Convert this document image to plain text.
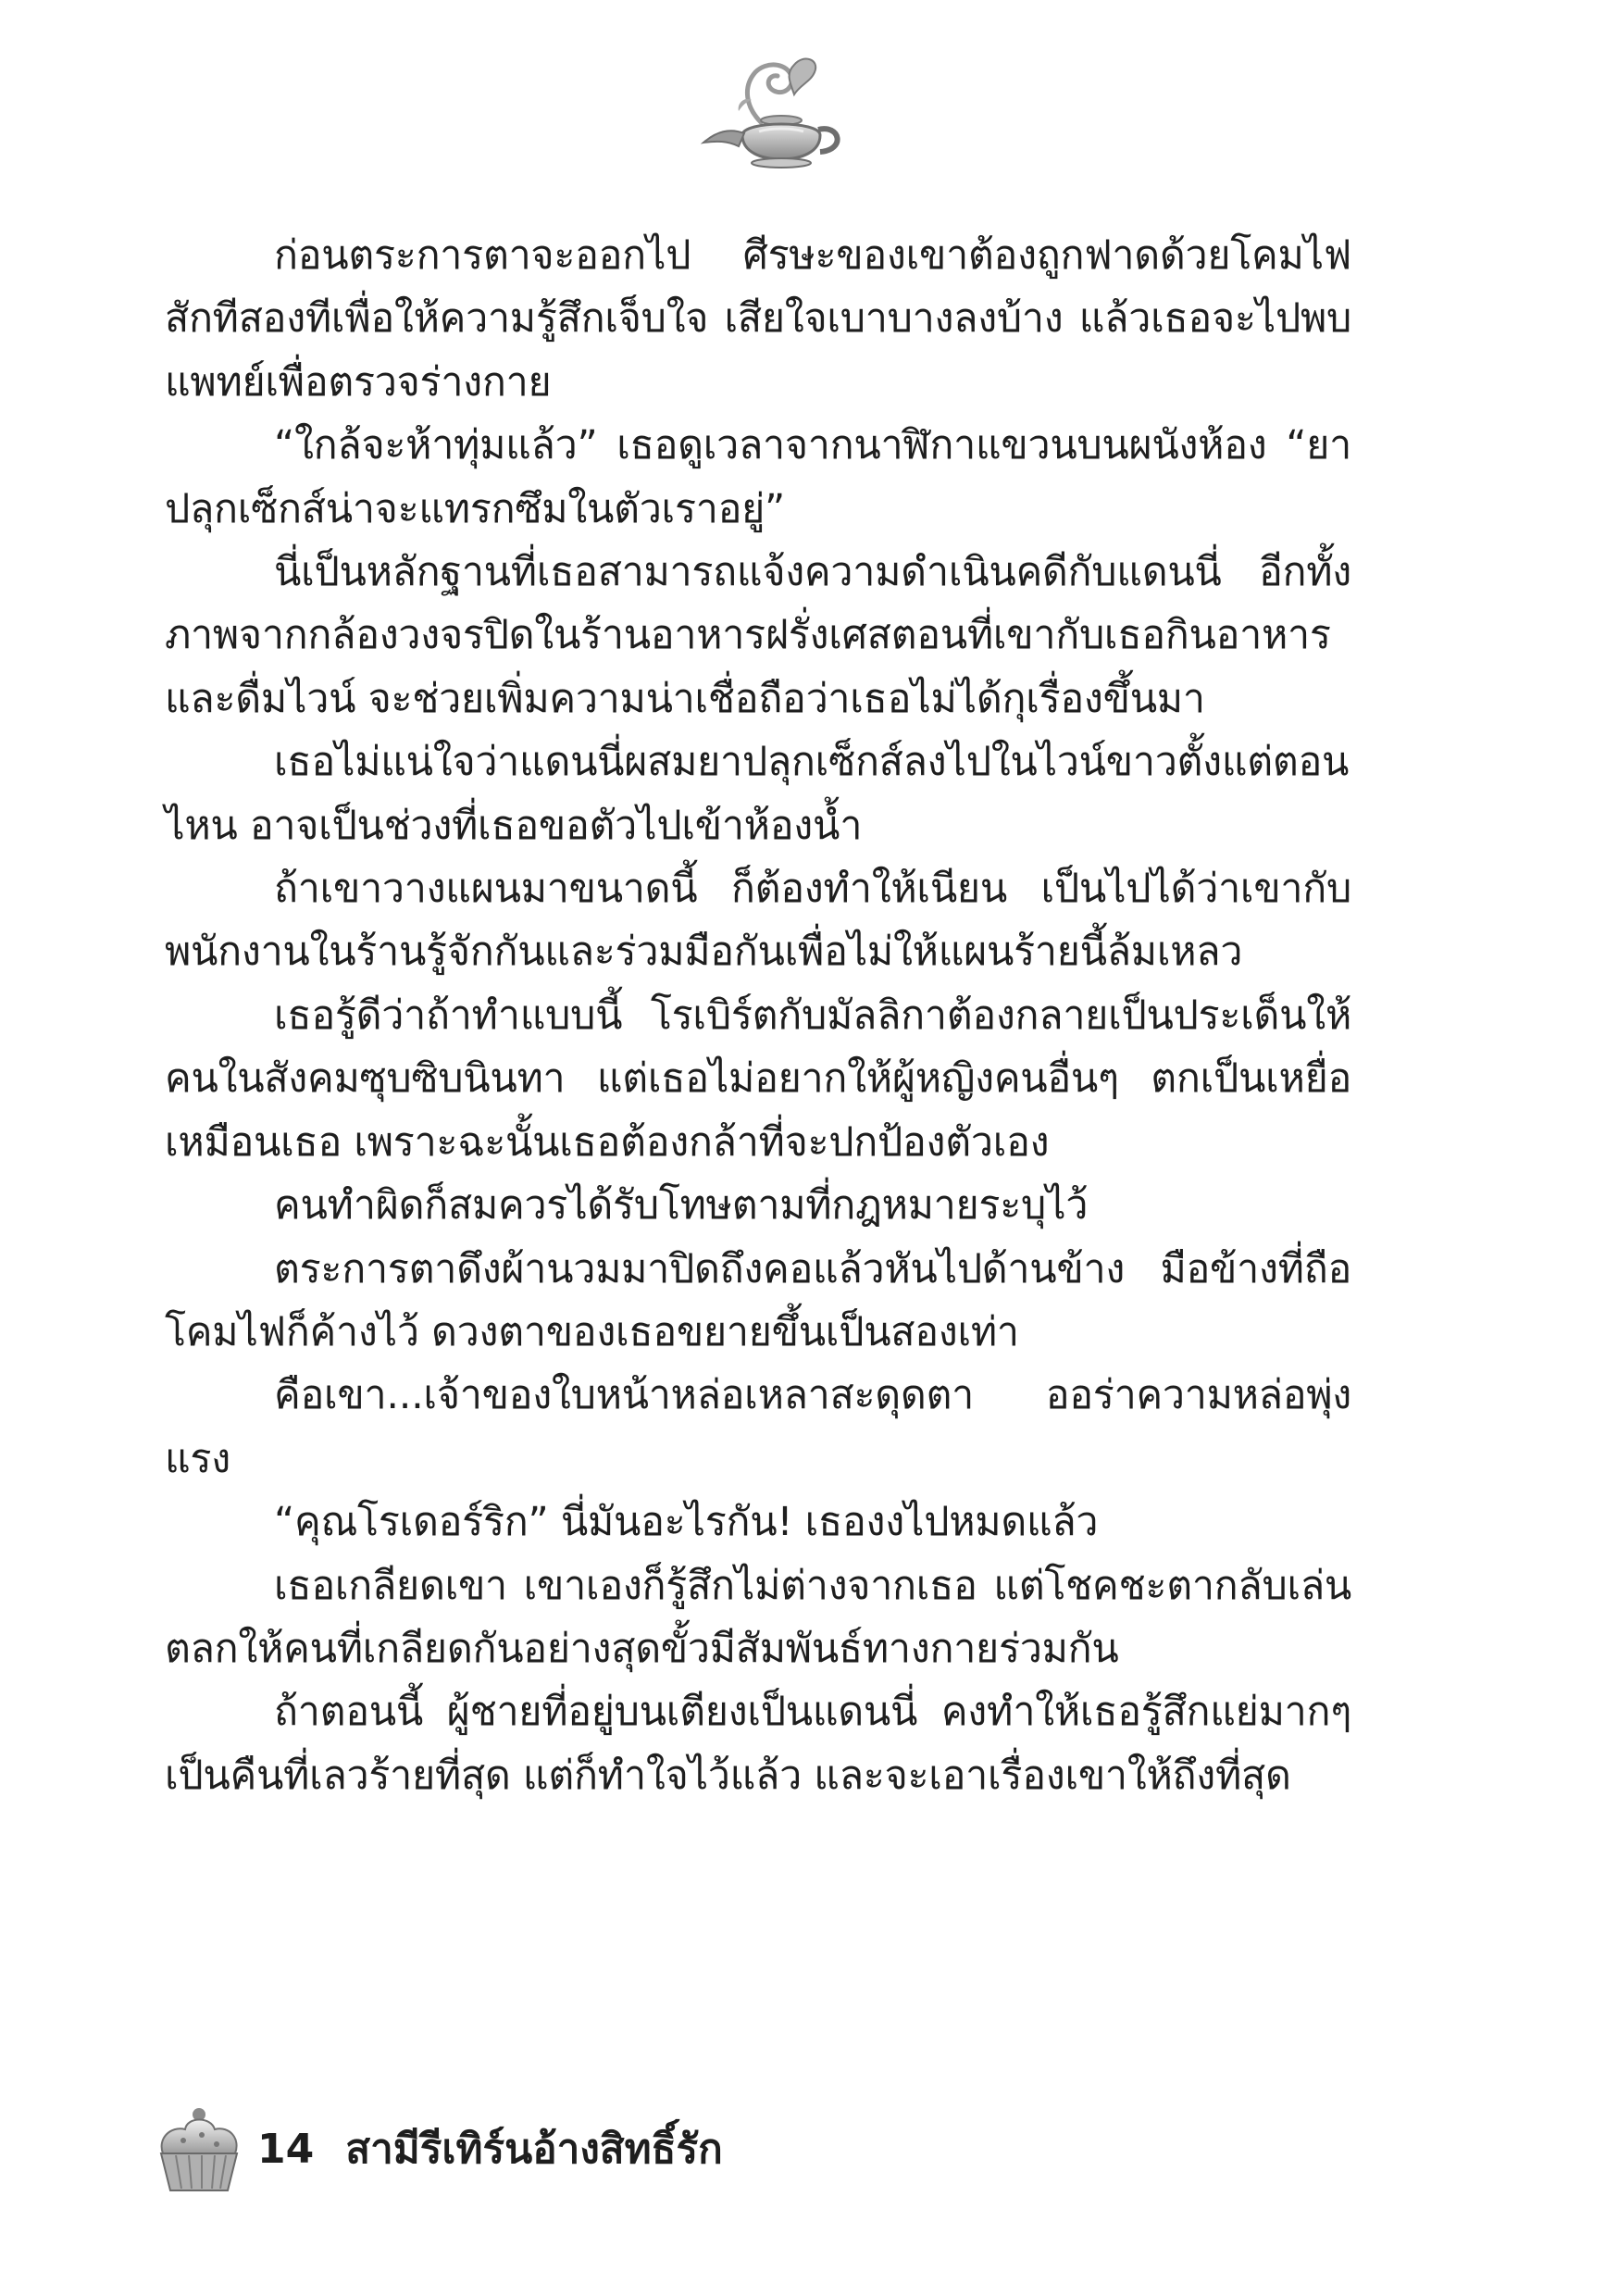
ก่อนตระการตาจะออกไป ศีรษะของเขาต้องถูกฟาดด้วยโคมไฟสักทีสองทีเพื่อให้ความรู้สึกเจ็บใจ เสียใจเบาบางลงบ้าง แล้วเธอจะไปพบแพทย์เพื่อตรวจร่างกาย

“ใกล้จะห้าทุ่มแล้ว” เธอดูเวลาจากนาฬิกาแขวนบนผนังห้อง “ยาปลุกเซ็กส์น่าจะแทรกซึมในตัวเราอยู่”

นี่เป็นหลักฐานที่เธอสามารถแจ้งความดำเนินคดีกับแดนนี่ อีกทั้งภาพจากกล้องวงจรปิดในร้านอาหารฝรั่งเศสตอนที่เขากับเธอกินอาหารและดื่มไวน์ จะช่วยเพิ่มความน่าเชื่อถือว่าเธอไม่ได้กุเรื่องขึ้นมา

เธอไม่แน่ใจว่าแดนนี่ผสมยาปลุกเซ็กส์ลงไปในไวน์ขาวตั้งแต่ตอนไหน อาจเป็นช่วงที่เธอขอตัวไปเข้าห้องน้ำ

ถ้าเขาวางแผนมาขนาดนี้ ก็ต้องทำให้เนียน เป็นไปได้ว่าเขากับพนักงานในร้านรู้จักกันและร่วมมือกันเพื่อไม่ให้แผนร้ายนี้ล้มเหลว

เธอรู้ดีว่าถ้าทำแบบนี้ โรเบิร์ตกับมัลลิกาต้องกลายเป็นประเด็นให้คนในสังคมซุบซิบนินทา แต่เธอไม่อยากให้ผู้หญิงคนอื่นๆ ตกเป็นเหยื่อเหมือนเธอ เพราะฉะนั้นเธอต้องกล้าที่จะปกป้องตัวเอง

คนทำผิดก็สมควรได้รับโทษตามที่กฎหมายระบุไว้

ตระการตาดึงผ้านวมมาปิดถึงคอแล้วหันไปด้านข้าง มือข้างที่ถือโคมไฟก็ค้างไว้ ดวงตาของเธอขยายขึ้นเป็นสองเท่า

คือเขา...เจ้าของใบหน้าหล่อเหลาสะดุดตา ออร่าความหล่อพุ่งแรง

“คุณโรเดอร์ริก” นี่มันอะไรกัน! เธองงไปหมดแล้ว

เธอเกลียดเขา เขาเองก็รู้สึกไม่ต่างจากเธอ แต่โชคชะตากลับเล่นตลกให้คนที่เกลียดกันอย่างสุดขั้วมีสัมพันธ์ทางกายร่วมกัน

ถ้าตอนนี้ ผู้ชายที่อยู่บนเตียงเป็นแดนนี่ คงทำให้เธอรู้สึกแย่มากๆ เป็นคืนที่เลวร้ายที่สุด แต่ก็ทำใจไว้แล้ว และจะเอาเรื่องเขาให้ถึงที่สุด

14 สามีรีเทิร์นอ้างสิทธิ์รัก
